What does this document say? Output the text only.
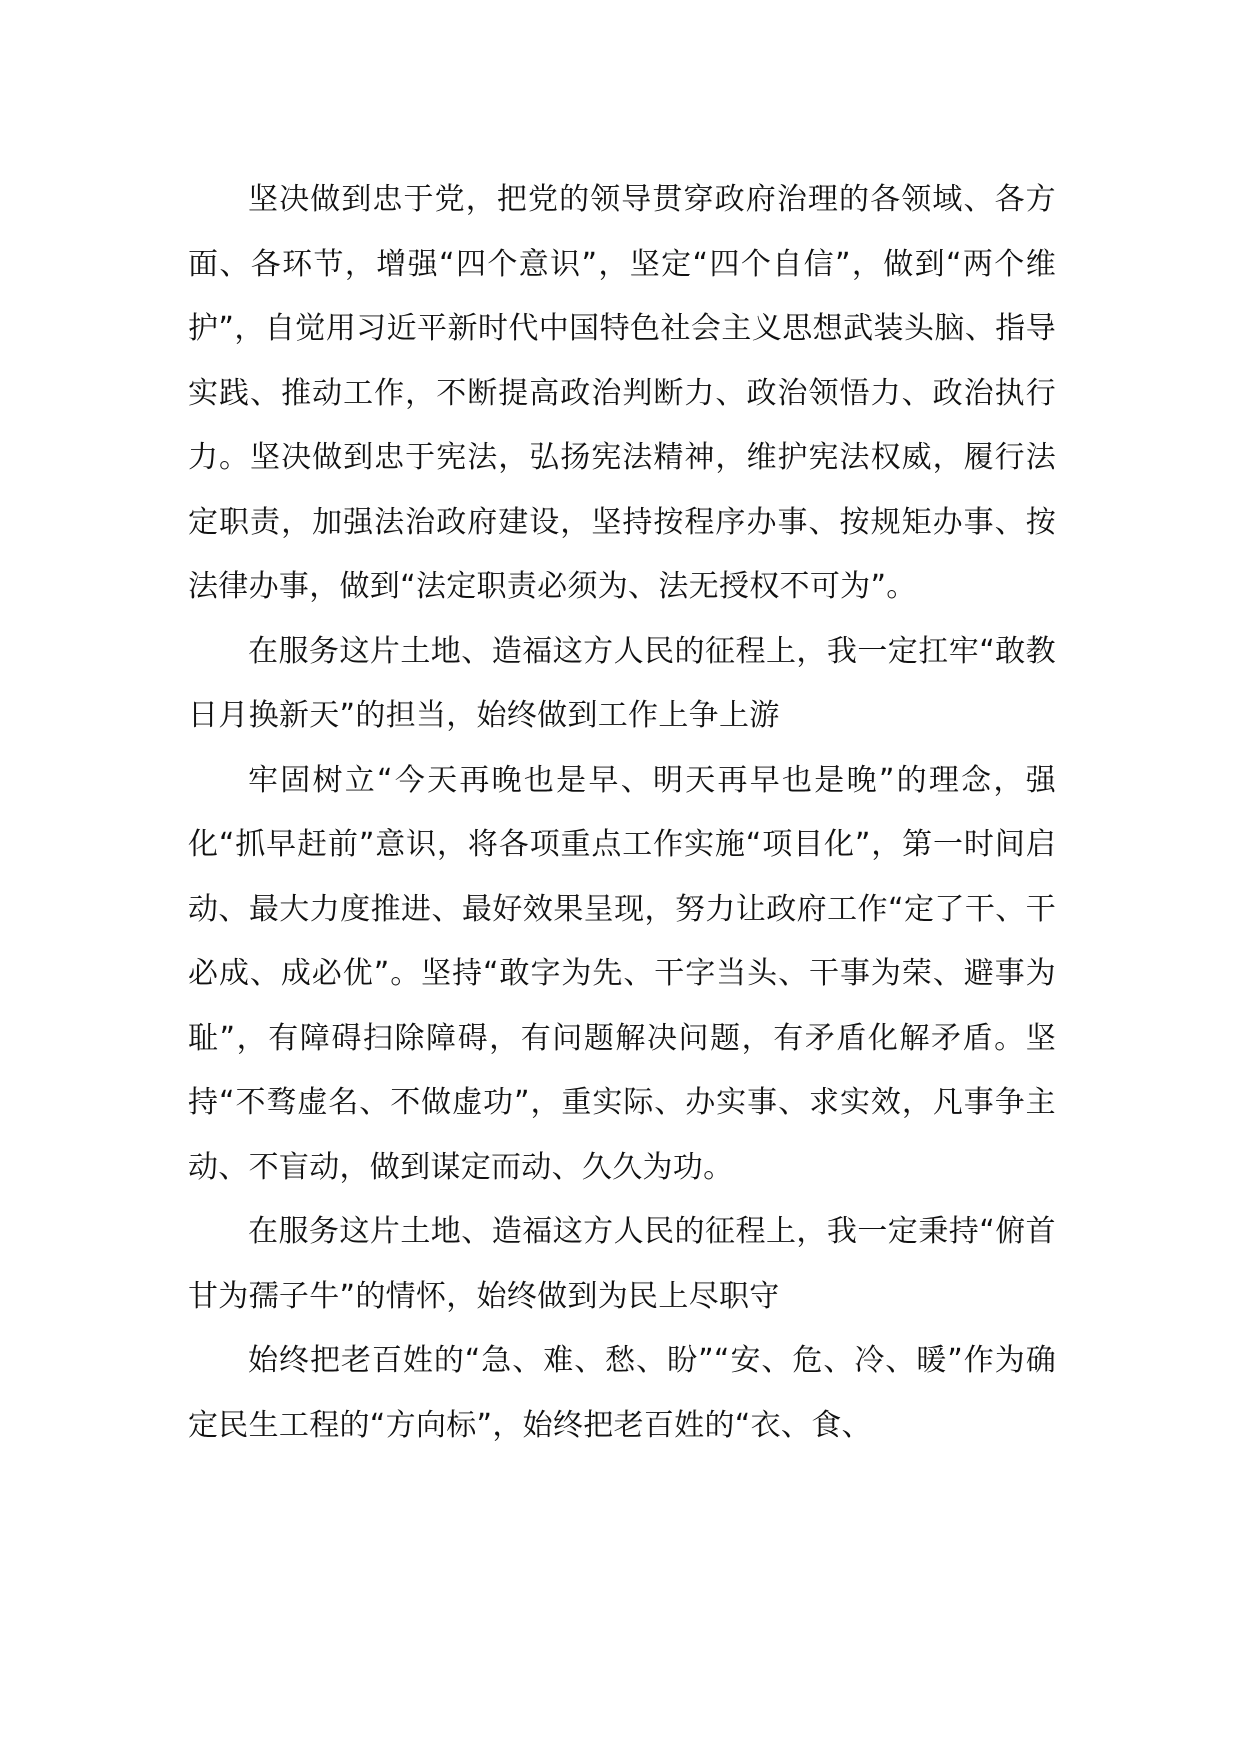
坚决做到忠于党，把党的领导贯穿政府治理的各领域、各方面、各环节，增强“四个意识”，坚定“四个自信”，做到“两个维护”，自觉用习近平新时代中国特色社会主义思想武装头脑、指导实践、推动工作，不断提高政治判断力、政治领悟力、政治执行力。坚决做到忠于宪法，弘扬宪法精神，维护宪法权威，履行法定职责，加强法治政府建设，坚持按程序办事、按规矩办事、按法律办事，做到“法定职责必须为、法无授权不可为”。

在服务这片土地、造福这方人民的征程上，我一定扛牢“敢教日月换新天”的担当，始终做到工作上争上游

牢固树立“今天再晚也是早、明天再早也是晚”的理念，强化“抓早赶前”意识，将各项重点工作实施“项目化”，第一时间启动、最大力度推进、最好效果呈现，努力让政府工作“定了干、干必成、成必优”。坚持“敢字为先、干字当头、干事为荣、避事为耻”，有障碍扫除障碍，有问题解决问题，有矛盾化解矛盾。坚持“不骛虚名、不做虚功”，重实际、办实事、求实效，凡事争主动、不盲动，做到谋定而动、久久为功。

在服务这片土地、造福这方人民的征程上，我一定秉持“俯首甘为孺子牛”的情怀，始终做到为民上尽职守

始终把老百姓的“急、难、愁、盼”“安、危、冷、暖”作为确定民生工程的“方向标”，始终把老百姓的“衣、食、
